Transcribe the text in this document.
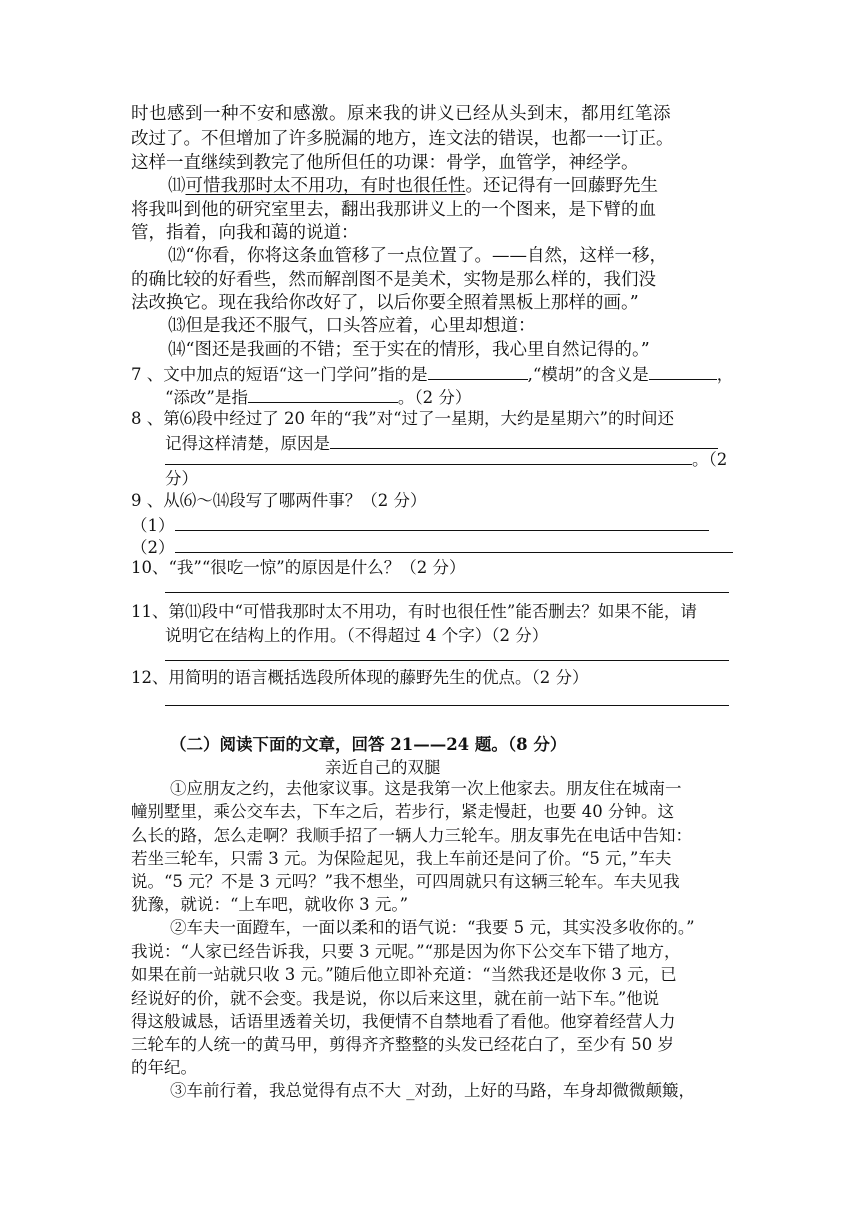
时也感到一种不安和感激。原来我的讲义已经从头到末，都用红笔添
改过了。不但增加了许多脱漏的地方，连文法的错误，也都一一订正。
这样一直继续到教完了他所但任的功课：骨学，血管学，神经学。
⑾可惜我那时太不用功，有时也很任性。还记得有一回藤野先生
将我叫到他的研究室里去，翻出我那讲义上的一个图来，是下臂的血
管，指着，向我和蔼的说道：
⑿“你看，你将这条血管移了一点位置了。——自然，这样一移，
的确比较的好看些，然而解剖图不是美术，实物是那么样的，我们没
法改换它。现在我给你改好了，以后你要全照着黑板上那样的画。”
⒀但是我还不服气，口头答应着，心里却想道：
⒁“图还是我画的不错；至于实在的情形，我心里自然记得的。”
7 、文中加点的短语“这一门学问”指的是	,“模胡”的含义是	，
“添改”是指	。（2 分）
8 、第⑹段中经过了 20 年的“我”对“过了一星期，大约是星期六”的时间还
记得这样清楚，原因是
。（2
分）
9 、从⑹～⒁段写了哪两件事？（2 分）
（1）
（2）
10、“我”“很吃一惊”的原因是什么？（2 分）
11、第⑾段中“可惜我那时太不用功，有时也很任性”能否删去？如果不能，请
说明它在结构上的作用。（不得超过 4 个字）（2 分）
12、用简明的语言概括选段所体现的藤野先生的优点。（2 分）
（二）阅读下面的文章，回答 21——24 题。（8 分）
亲近自己的双腿
①应朋友之约，去他家议事。这是我第一次上他家去。朋友住在城南一
幢别墅里，乘公交车去，下车之后，若步行，紧走慢赶，也要 40 分钟。这
么长的路，怎么走啊？我顺手招了一辆人力三轮车。朋友事先在电话中告知：
若坐三轮车，只需 3 元。为保险起见，我上车前还是问了价。“5 元，”车夫
说。“5 元？不是 3 元吗？”我不想坐，可四周就只有这辆三轮车。车夫见我
犹豫，就说：“上车吧，就收你 3 元。”
②车夫一面蹬车，一面以柔和的语气说：“我要 5 元，其实没多收你的。”
我说：“人家已经告诉我，只要 3 元呢。”“那是因为你下公交车下错了地方，
如果在前一站就只收 3 元。”随后他立即补充道：“当然我还是收你 3 元，已
经说好的价，就不会变。我是说，你以后来这里，就在前一站下车。”他说
得这般诚恳，话语里透着关切，我便情不自禁地看了看他。他穿着经营人力
三轮车的人统一的黄马甲，剪得齐齐整整的头发已经花白了，至少有 50 岁
的年纪。
③车前行着，我总觉得有点不大 _对劲，上好的马路，车身却微微颠簸，
